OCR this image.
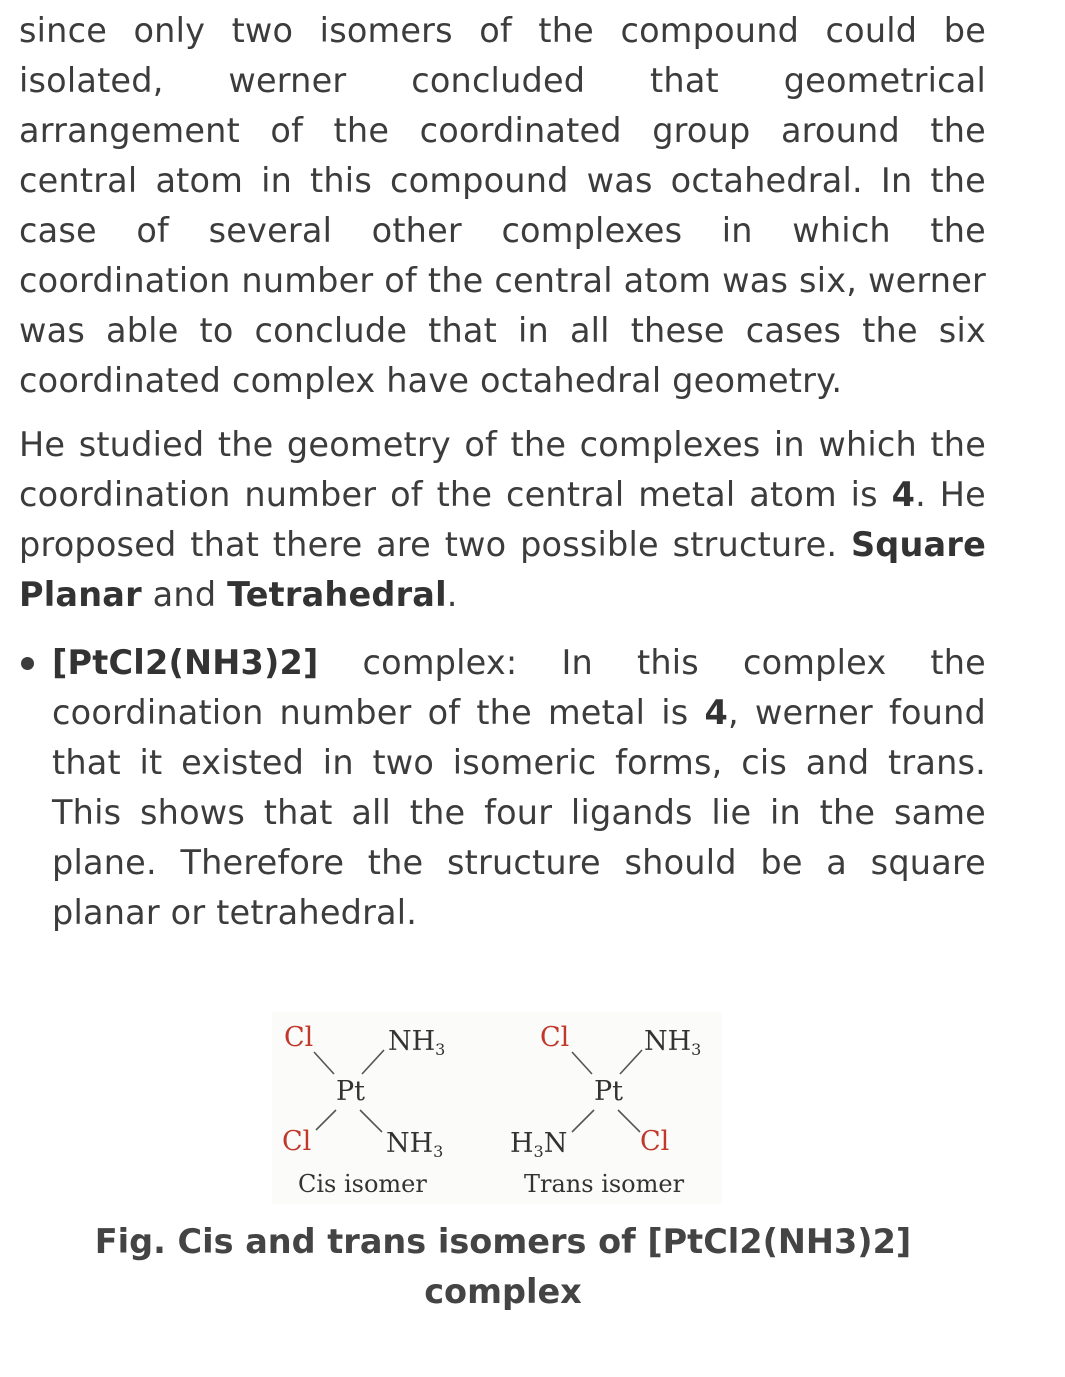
since only two isomers of the compound could be isolated, werner concluded that geometrical arrangement of the coordinated group around the central atom in this compound was octahedral. In the case of several other complexes in which the coordination number of the central atom was six, werner was able to conclude that in all these cases the six coordinated complex have octahedral geometry.

He studied the geometry of the complexes in which the coordination number of the central metal atom is 4. He proposed that there are two possible structure. Square Planar and Tetrahedral.

[PtCl2(NH3)2] complex: In this complex the coordination number of the metal is 4, werner found that it existed in two isomeric forms, cis and trans. This shows that all the four ligands lie in the same plane. Therefore the structure should be a square planar or tetrahedral.
Cl	NH3
Pt
Cl	NH3
Cis isomer
Cl	NH3
Pt
H3N	Cl
Trans isomer
Fig. Cis and trans isomers of [PtCl2(NH3)2]
complex
